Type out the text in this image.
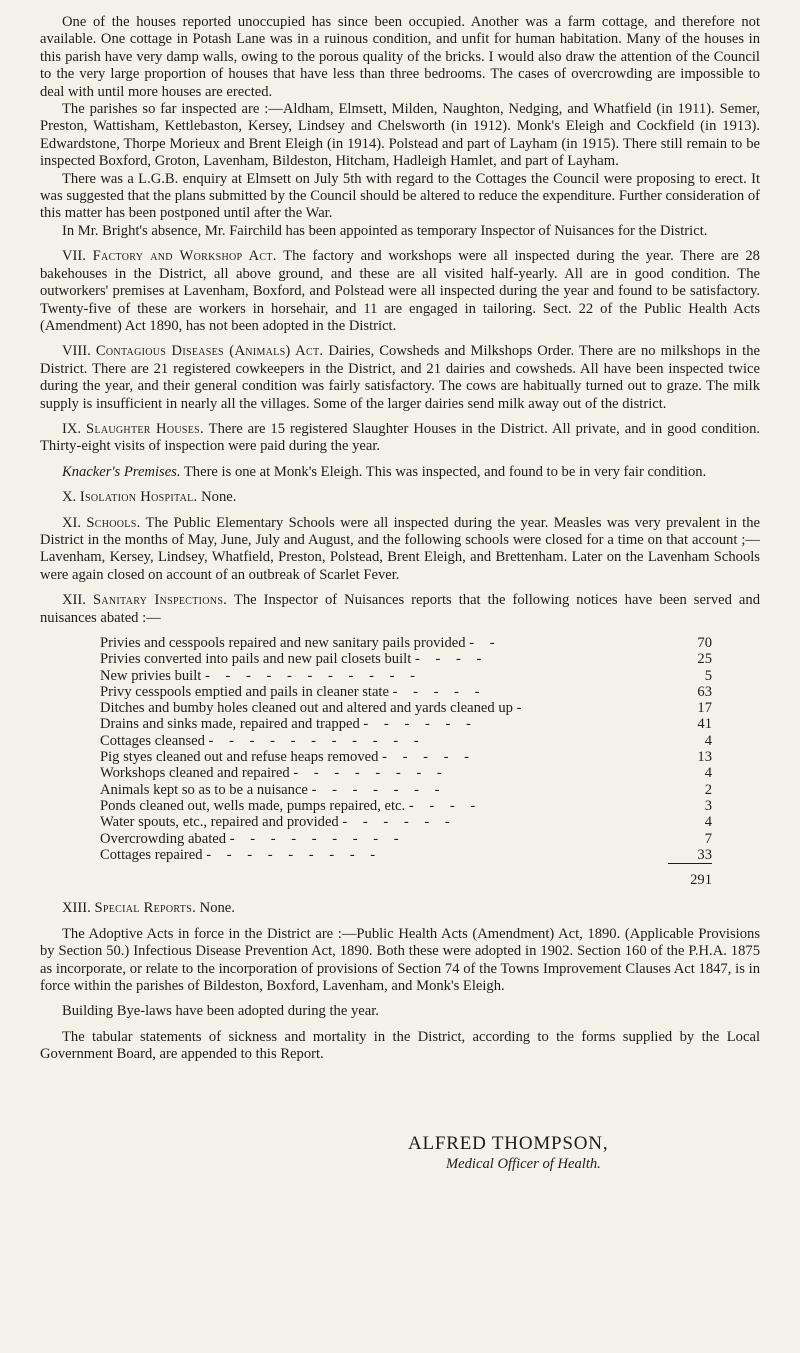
One of the houses reported unoccupied has since been occupied. Another was a farm cottage, and therefore not available. One cottage in Potash Lane was in a ruinous condition, and unfit for human habitation. Many of the houses in this parish have very damp walls, owing to the porous quality of the bricks. I would also draw the attention of the Council to the very large proportion of houses that have less than three bedrooms. The cases of overcrowding are impossible to deal with until more houses are erected.

The parishes so far inspected are :—Aldham, Elmsett, Milden, Naughton, Nedging, and Whatfield (in 1911). Semer, Preston, Wattisham, Kettlebaston, Kersey, Lindsey and Chelsworth (in 1912). Monk's Eleigh and Cockfield (in 1913). Edwardstone, Thorpe Morieux and Brent Eleigh (in 1914). Polstead and part of Layham (in 1915). There still remain to be inspected Boxford, Groton, Lavenham, Bildeston, Hitcham, Hadleigh Hamlet, and part of Layham.

There was a L.G.B. enquiry at Elmsett on July 5th with regard to the Cottages the Council were proposing to erect. It was suggested that the plans submitted by the Council should be altered to reduce the expenditure. Further consideration of this matter has been postponed until after the War.

In Mr. Bright's absence, Mr. Fairchild has been appointed as temporary Inspector of Nuisances for the District.

VII. Factory and Workshop Act. The factory and workshops were all inspected during the year. There are 28 bakehouses in the District, all above ground, and these are all visited half-yearly. All are in good condition. The outworkers' premises at Lavenham, Boxford, and Polstead were all inspected during the year and found to be satisfactory. Twenty-five of these are workers in horsehair, and 11 are engaged in tailoring. Sect. 22 of the Public Health Acts (Amendment) Act 1890, has not been adopted in the District.

VIII. Contagious Diseases (Animals) Act. Dairies, Cowsheds and Milkshops Order. There are no milkshops in the District. There are 21 registered cowkeepers in the District, and 21 dairies and cowsheds. All have been inspected twice during the year, and their general condition was fairly satisfactory. The cows are habitually turned out to graze. The milk supply is insufficient in nearly all the villages. Some of the larger dairies send milk away out of the district.

IX. Slaughter Houses. There are 15 registered Slaughter Houses in the District. All private, and in good condition. Thirty-eight visits of inspection were paid during the year.

Knacker's Premises. There is one at Monk's Eleigh. This was inspected, and found to be in very fair condition.

X. Isolation Hospital. None.

XI. Schools. The Public Elementary Schools were all inspected during the year. Measles was very prevalent in the District in the months of May, June, July and August, and the following schools were closed for a time on that account ;—Lavenham, Kersey, Lindsey, Whatfield, Preston, Polstead, Brent Eleigh, and Brettenham. Later on the Lavenham Schools were again closed on account of an outbreak of Scarlet Fever.

XII. Sanitary Inspections. The Inspector of Nuisances reports that the following notices have been served and nuisances abated :—

Privies and cesspools repaired and new sanitary pails provided - -	70
Privies converted into pails and new pail closets built - - - -	25
New privies built - - - - - - - - - - -	5
Privy cesspools emptied and pails in cleaner state - - - - -	63
Ditches and bumby holes cleaned out and altered and yards cleaned up -	17
Drains and sinks made, repaired and trapped - - - - - -	41
Cottages cleansed - - - - - - - - - - -	4
Pig styes cleaned out and refuse heaps removed - - - - -	13
Workshops cleaned and repaired - - - - - - - -	4
Animals kept so as to be a nuisance - - - - - - -	2
Ponds cleaned out, wells made, pumps repaired, etc. - - - -	3
Water spouts, etc., repaired and provided - - - - - -	4
Overcrowding abated - - - - - - - - -	7
Cottages repaired - - - - - - - - -	33
	291

XIII. Special Reports. None.

The Adoptive Acts in force in the District are :—Public Health Acts (Amendment) Act, 1890. (Applicable Provisions by Section 50.) Infectious Disease Prevention Act, 1890. Both these were adopted in 1902. Section 160 of the P.H.A. 1875 as incorporate, or relate to the incorporation of provisions of Section 74 of the Towns Improvement Clauses Act 1847, is in force within the parishes of Bildeston, Boxford, Lavenham, and Monk's Eleigh.

Building Bye-laws have been adopted during the year.

The tabular statements of sickness and mortality in the District, according to the forms supplied by the Local Government Board, are appended to this Report.

ALFRED THOMPSON,
Medical Officer of Health.
